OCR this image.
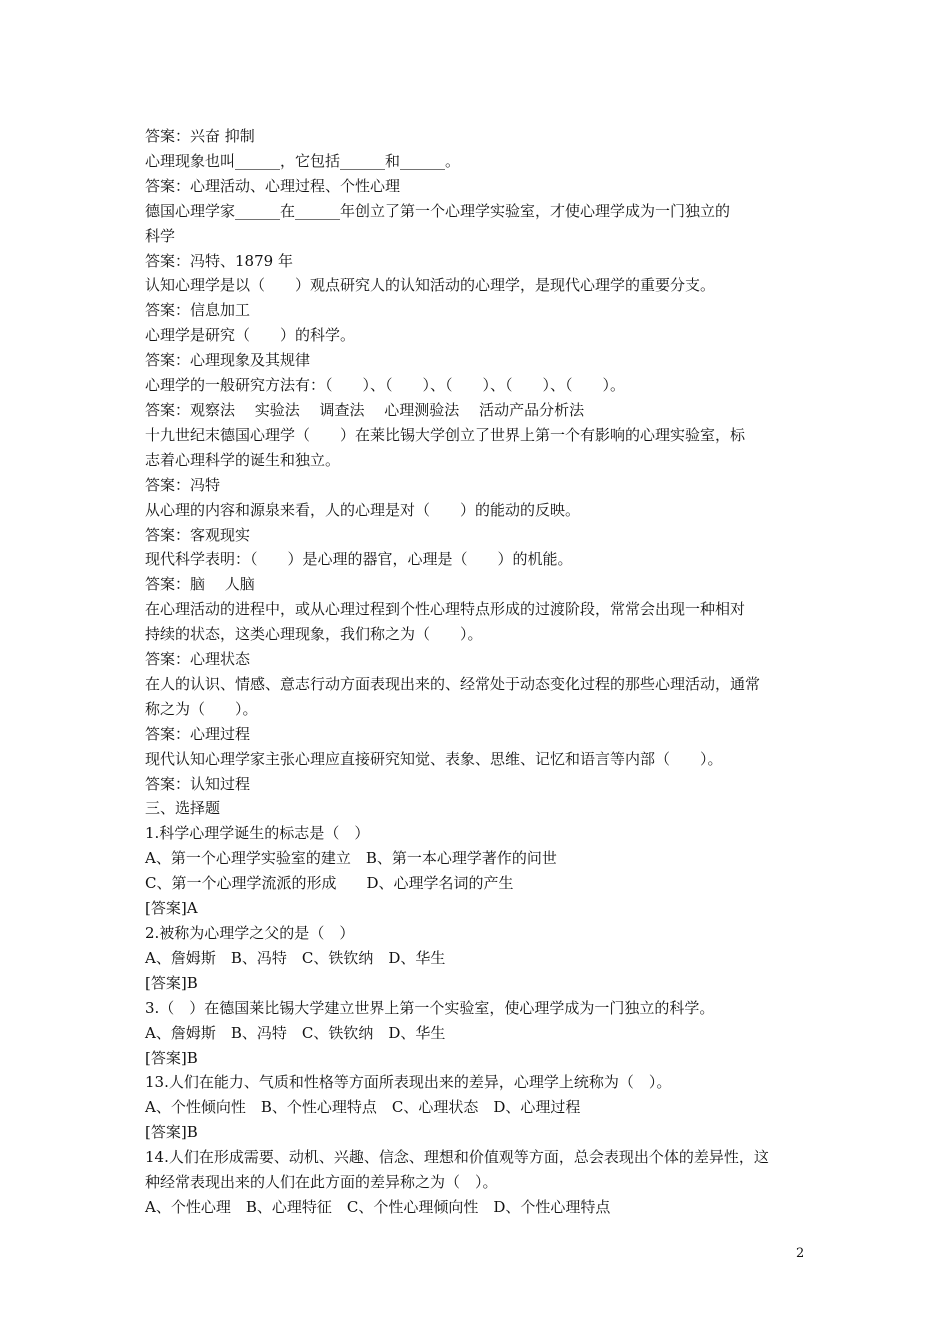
答案：兴奋 抑制
心理现象也叫______，它包括______和______。
答案：心理活动、心理过程、个性心理
德国心理学家______在______年创立了第一个心理学实验室，才使心理学成为一门独立的
科学
答案：冯特、1879 年
认知心理学是以（　　）观点研究人的认知活动的心理学，是现代心理学的重要分支。
答案：信息加工
心理学是研究（　　）的科学。
答案：心理现象及其规律
心理学的一般研究方法有：（　　）、（　　）、（　　）、（　　）、（　　）。
答案：观察法　 实验法　 调查法　 心理测验法　 活动产品分析法
十九世纪末德国心理学（　　）在莱比锡大学创立了世界上第一个有影响的心理实验室，标
志着心理科学的诞生和独立。
答案：冯特
从心理的内容和源泉来看，人的心理是对（　　）的能动的反映。
答案：客观现实
现代科学表明：（　　）是心理的器官，心理是（　　）的机能。
答案：脑　 人脑
在心理活动的进程中，或从心理过程到个性心理特点形成的过渡阶段，常常会出现一种相对
持续的状态，这类心理现象，我们称之为（　　）。
答案：心理状态
在人的认识、情感、意志行动方面表现出来的、经常处于动态变化过程的那些心理活动，通常
称之为（　　）。
答案：心理过程
现代认知心理学家主张心理应直接研究知觉、表象、思维、记忆和语言等内部（　　）。
答案：认知过程
三、选择题
1.科学心理学诞生的标志是（　）
A、第一个心理学实验室的建立　B、第一本心理学著作的问世
C、第一个心理学流派的形成　　D、心理学名词的产生
[答案]A
2.被称为心理学之父的是（　）
A、詹姆斯　B、冯特　C、铁钦纳　D、华生
[答案]B
3.（　）在德国莱比锡大学建立世界上第一个实验室，使心理学成为一门独立的科学。
A、詹姆斯　B、冯特　C、铁钦纳　D、华生
[答案]B
13.人们在能力、气质和性格等方面所表现出来的差异，心理学上统称为（　）。
A、个性倾向性　B、个性心理特点　C、心理状态　D、心理过程
[答案]B
14.人们在形成需要、动机、兴趣、信念、理想和价值观等方面，总会表现出个体的差异性，这
种经常表现出来的人们在此方面的差异称之为（　）。
A、个性心理　B、心理特征　C、个性心理倾向性　D、个性心理特点
2
